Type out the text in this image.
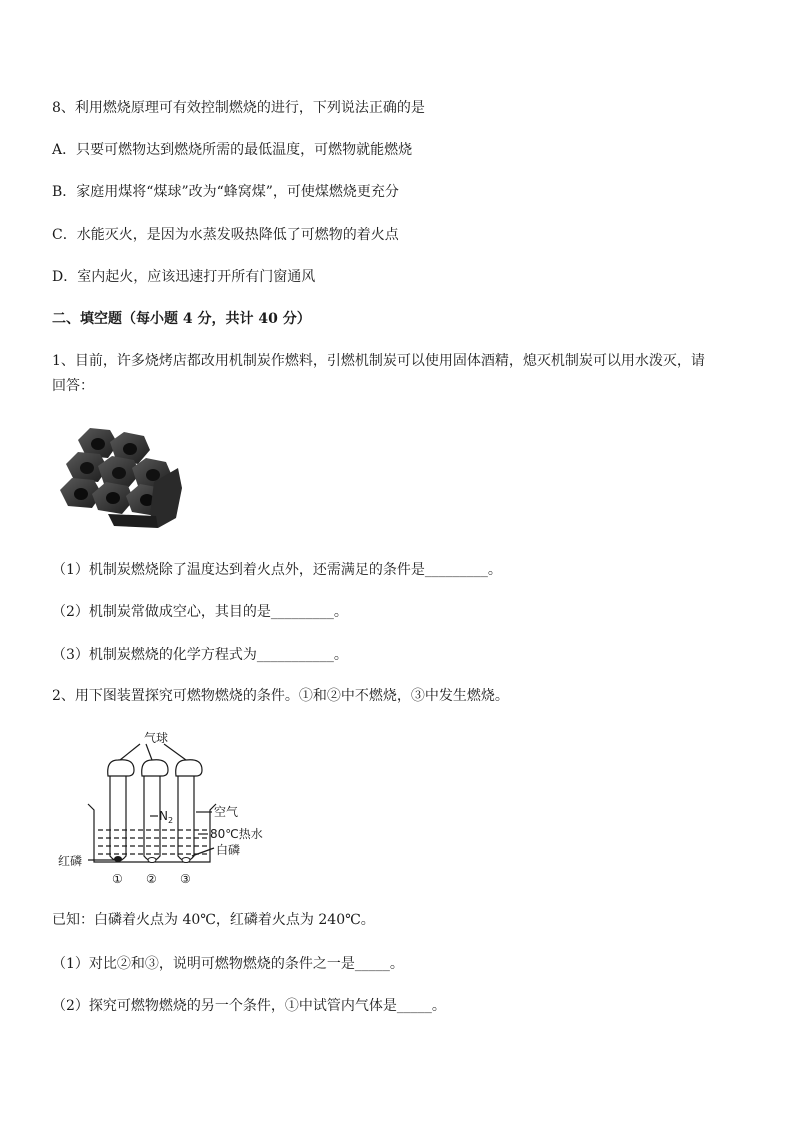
8、利用燃烧原理可有效控制燃烧的进行，下列说法正确的是
A．只要可燃物达到燃烧所需的最低温度，可燃物就能燃烧
B．家庭用煤将“煤球”改为“蜂窝煤”，可使煤燃烧更充分
C．水能灭火，是因为水蒸发吸热降低了可燃物的着火点
D．室内起火，应该迅速打开所有门窗通风
二、填空题（每小题 4 分，共计 40 分）
1、目前，许多烧烤店都改用机制炭作燃料，引燃机制炭可以使用固体酒精，熄灭机制炭可以用水泼灭，请
回答：
（1）机制炭燃烧除了温度达到着火点外，还需满足的条件是_________。
（2）机制炭常做成空心，其目的是_________。
（3）机制炭燃烧的化学方程式为___________。
2、用下图装置探究可燃物燃烧的条件。①和②中不燃烧，③中发生燃烧。
气球
$N_2$
空气
80℃热水
白磷
红磷
① ② ③
已知：白磷着火点为 40℃，红磷着火点为 240℃。
（1）对比②和③，说明可燃物燃烧的条件之一是_____。
（2）探究可燃物燃烧的另一个条件，①中试管内气体是_____。
